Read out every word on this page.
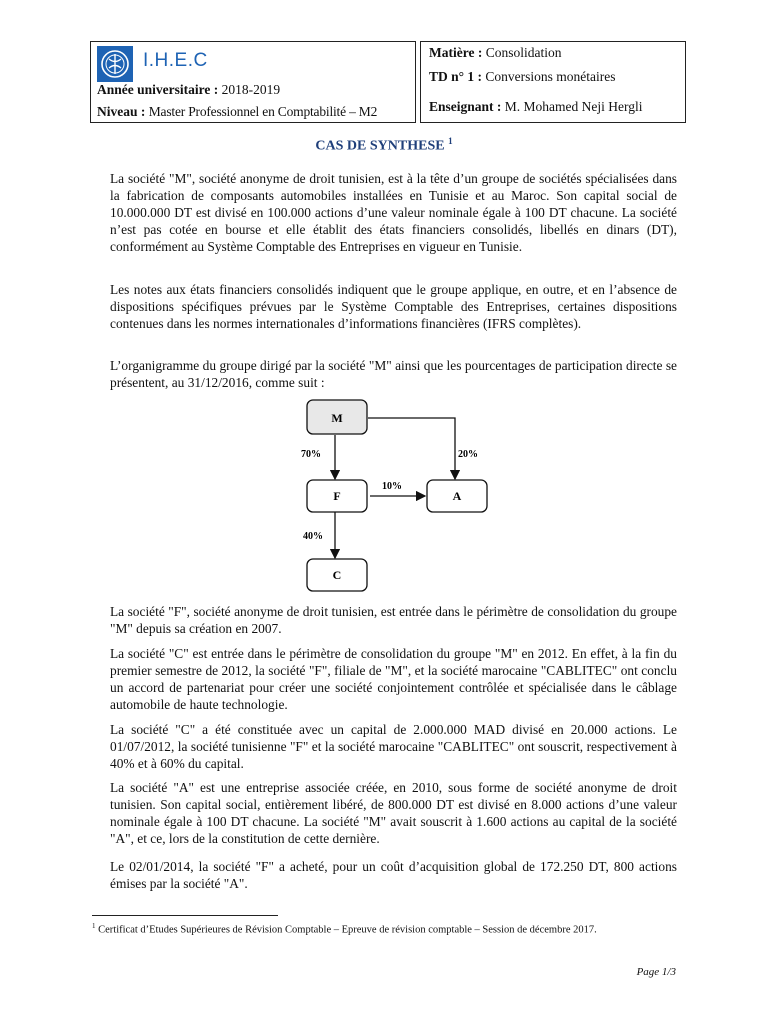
I.H.E.C
Année universitaire : 2018-2019
Niveau : Master Professionnel en Comptabilité – M2
Matière : Consolidation
TD n° 1 : Conversions monétaires
Enseignant : M. Mohamed Neji Hergli
CAS DE SYNTHESE $^1$

La société "M", société anonyme de droit tunisien, est à la tête d’un groupe de sociétés spécialisées dans la fabrication de composants automobiles installées en Tunisie et au Maroc. Son capital social de 10.000.000 DT est divisé en 100.000 actions d’une valeur nominale égale à 100 DT chacune. La société n’est pas cotée en bourse et elle établit des états financiers consolidés, libellés en dinars (DT), conformément au Système Comptable des Entreprises en vigueur en Tunisie.

Les notes aux états financiers consolidés indiquent que le groupe applique, en outre, et en l’absence de dispositions spécifiques prévues par le Système Comptable des Entreprises, certaines dispositions contenues dans les normes internationales d’informations financières (IFRS complètes).

L’organigramme du groupe dirigé par la société "M" ainsi que les pourcentages de participation directe se présentent, au 31/12/2016, comme suit :

M
F	A
C
70%	20%
10%
40%

La société "F", société anonyme de droit tunisien, est entrée dans le périmètre de consolidation du groupe "M" depuis sa création en 2007.

La société "C" est entrée dans le périmètre de consolidation du groupe "M" en 2012. En effet, à la fin du premier semestre de 2012, la société "F", filiale de "M", et la société marocaine "CABLITEC" ont conclu un accord de partenariat pour créer une société conjointement contrôlée et spécialisée dans le câblage automobile de haute technologie.

La société "C" a été constituée avec un capital de 2.000.000 MAD divisé en 20.000 actions. Le 01/07/2012, la société tunisienne "F" et la société marocaine "CABLITEC" ont souscrit, respectivement à 40% et à 60% du capital.

La société "A" est une entreprise associée créée, en 2010, sous forme de société anonyme de droit tunisien. Son capital social, entièrement libéré, de 800.000 DT est divisé en 8.000 actions d’une valeur nominale égale à 100 DT chacune. La société "M" avait souscrit à 1.600 actions au capital de la société "A", et ce, lors de la constitution de cette dernière.

Le 02/01/2014, la société "F" a acheté, pour un coût d’acquisition global de 172.250 DT, 800 actions émises par la société "A".

$^1$ Certificat d’Etudes Supérieures de Révision Comptable – Epreuve de révision comptable – Session de décembre 2017.
Page 1/3
